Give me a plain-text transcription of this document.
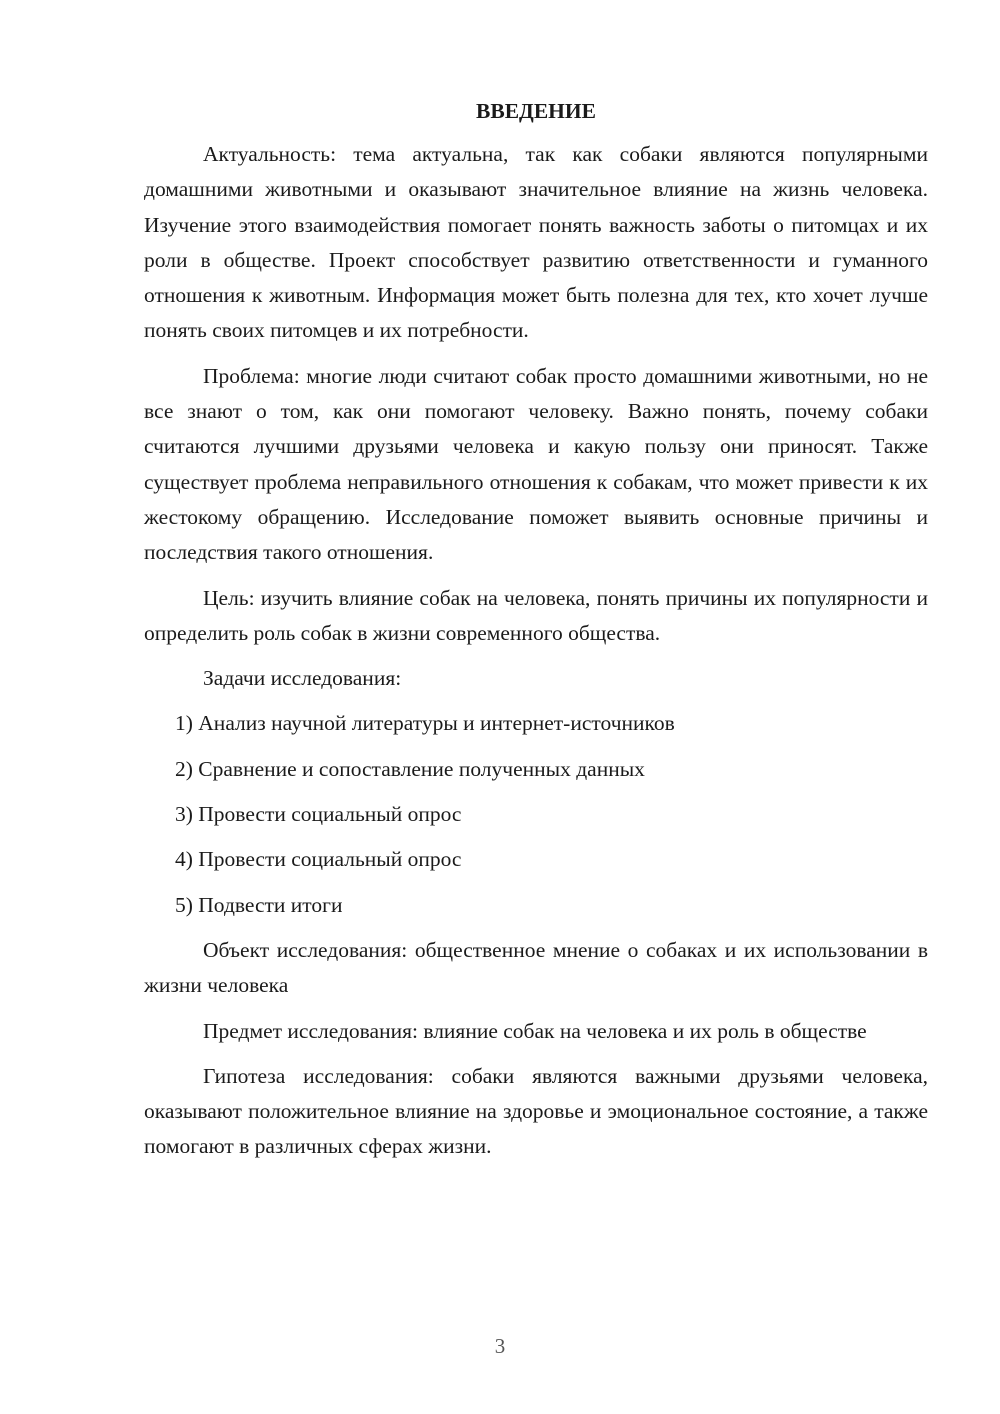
ВВЕДЕНИЕ

Актуальность: тема актуальна, так как собаки являются популярными домашними животными и оказывают значительное влияние на жизнь человека. Изучение этого взаимодействия помогает понять важность заботы о питомцах и их роли в обществе. Проект способствует развитию ответственности и гуманного отношения к животным. Информация может быть полезна для тех, кто хочет лучше понять своих питомцев и их потребности.

Проблема: многие люди считают собак просто домашними животными, но не все знают о том, как они помогают человеку. Важно понять, почему собаки считаются лучшими друзьями человека и какую пользу они приносят. Также существует проблема неправильного отношения к собакам, что может привести к их жестокому обращению. Исследование поможет выявить основные причины и последствия такого отношения.

Цель: изучить влияние собак на человека, понять причины их популярности и определить роль собак в жизни современного общества.

Задачи исследования:

1) Анализ научной литературы и интернет-источников
2) Сравнение и сопоставление полученных данных
3) Провести социальный опрос
4) Провести социальный опрос
5) Подвести итоги

Объект исследования: общественное мнение о собаках и их использовании в жизни человека

Предмет исследования: влияние собак на человека и их роль в обществе

Гипотеза исследования: собаки являются важными друзьями человека, оказывают положительное влияние на здоровье и эмоциональное состояние, а также помогают в различных сферах жизни.

3
